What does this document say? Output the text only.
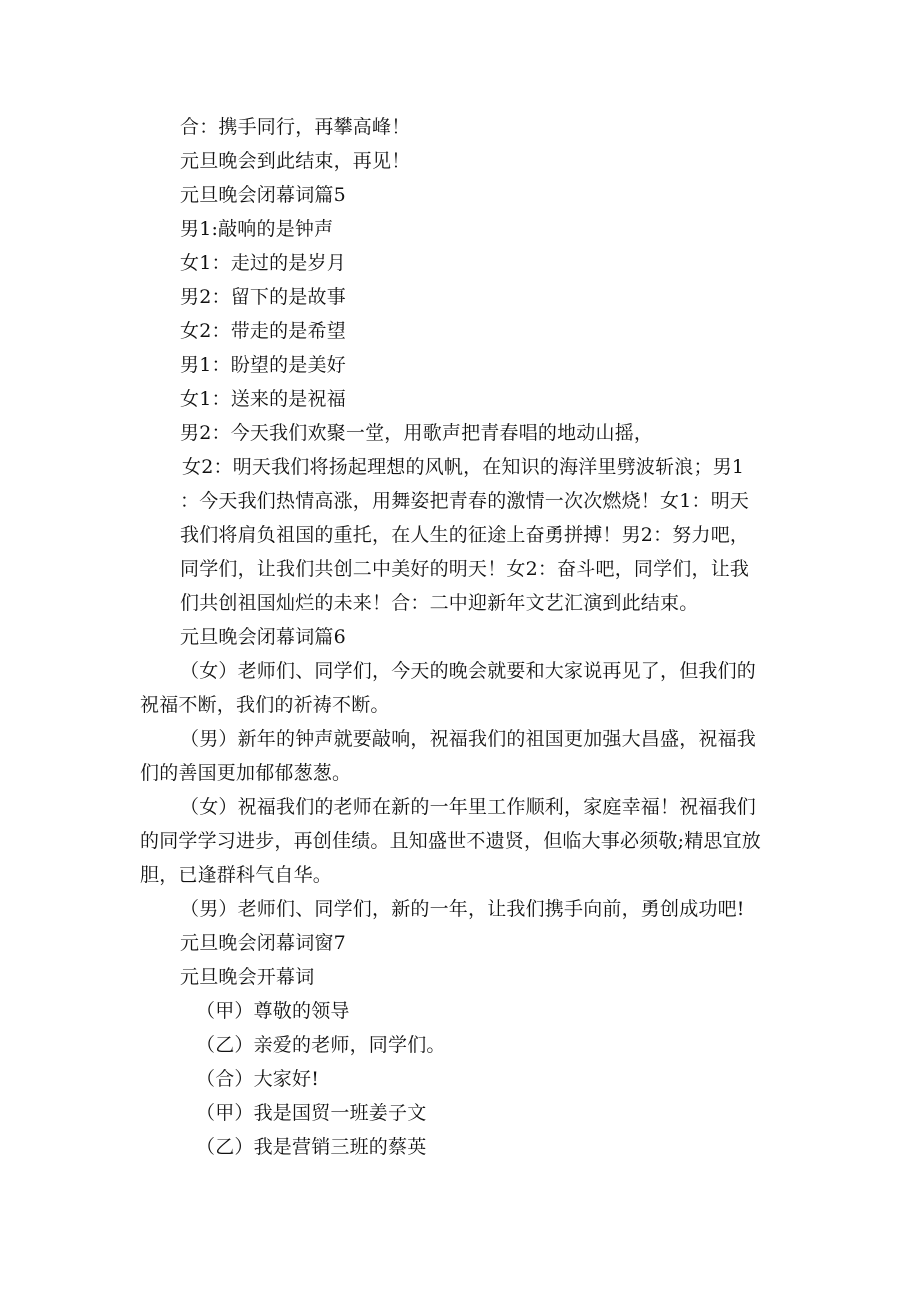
合：携手同行，再攀高峰！
元旦晚会到此结束，再见！
元旦晚会闭幕词篇5
男1:敲响的是钟声
女1：走过的是岁月
男2：留下的是故事
女2：带走的是希望
男1：盼望的是美好
女1：送来的是祝福
男2：今天我们欢聚一堂，用歌声把青春唱的地动山摇，
女2：明天我们将扬起理想的风帆，在知识的海洋里劈波斩浪；男1
：今天我们热情高涨，用舞姿把青春的激情一次次燃烧！女1：明天
我们将肩负祖国的重托，在人生的征途上奋勇拼搏！男2：努力吧，
同学们，让我们共创二中美好的明天！女2：奋斗吧，同学们，让我
们共创祖国灿烂的未来！合：二中迎新年文艺汇演到此结束。
元旦晚会闭幕词篇6
（女）老师们、同学们，今天的晚会就要和大家说再见了，但我们的
祝福不断，我们的祈祷不断。
（男）新年的钟声就要敲响，祝福我们的祖国更加强大昌盛，祝福我
们的善国更加郁郁葱葱。
（女）祝福我们的老师在新的一年里工作顺利，家庭幸福！祝福我们
的同学学习进步，再创佳绩。且知盛世不遗贤，但临大事必须敬;精思宜放
胆，已逢群科气自华。
（男）老师们、同学们，新的一年，让我们携手向前，勇创成功吧!
元旦晚会闭幕词窗7
元旦晚会开幕词
（甲）尊敬的领导
（乙）亲爱的老师，同学们。
（合）大家好!
（甲）我是国贸一班姜子文
（乙）我是营销三班的蔡英
